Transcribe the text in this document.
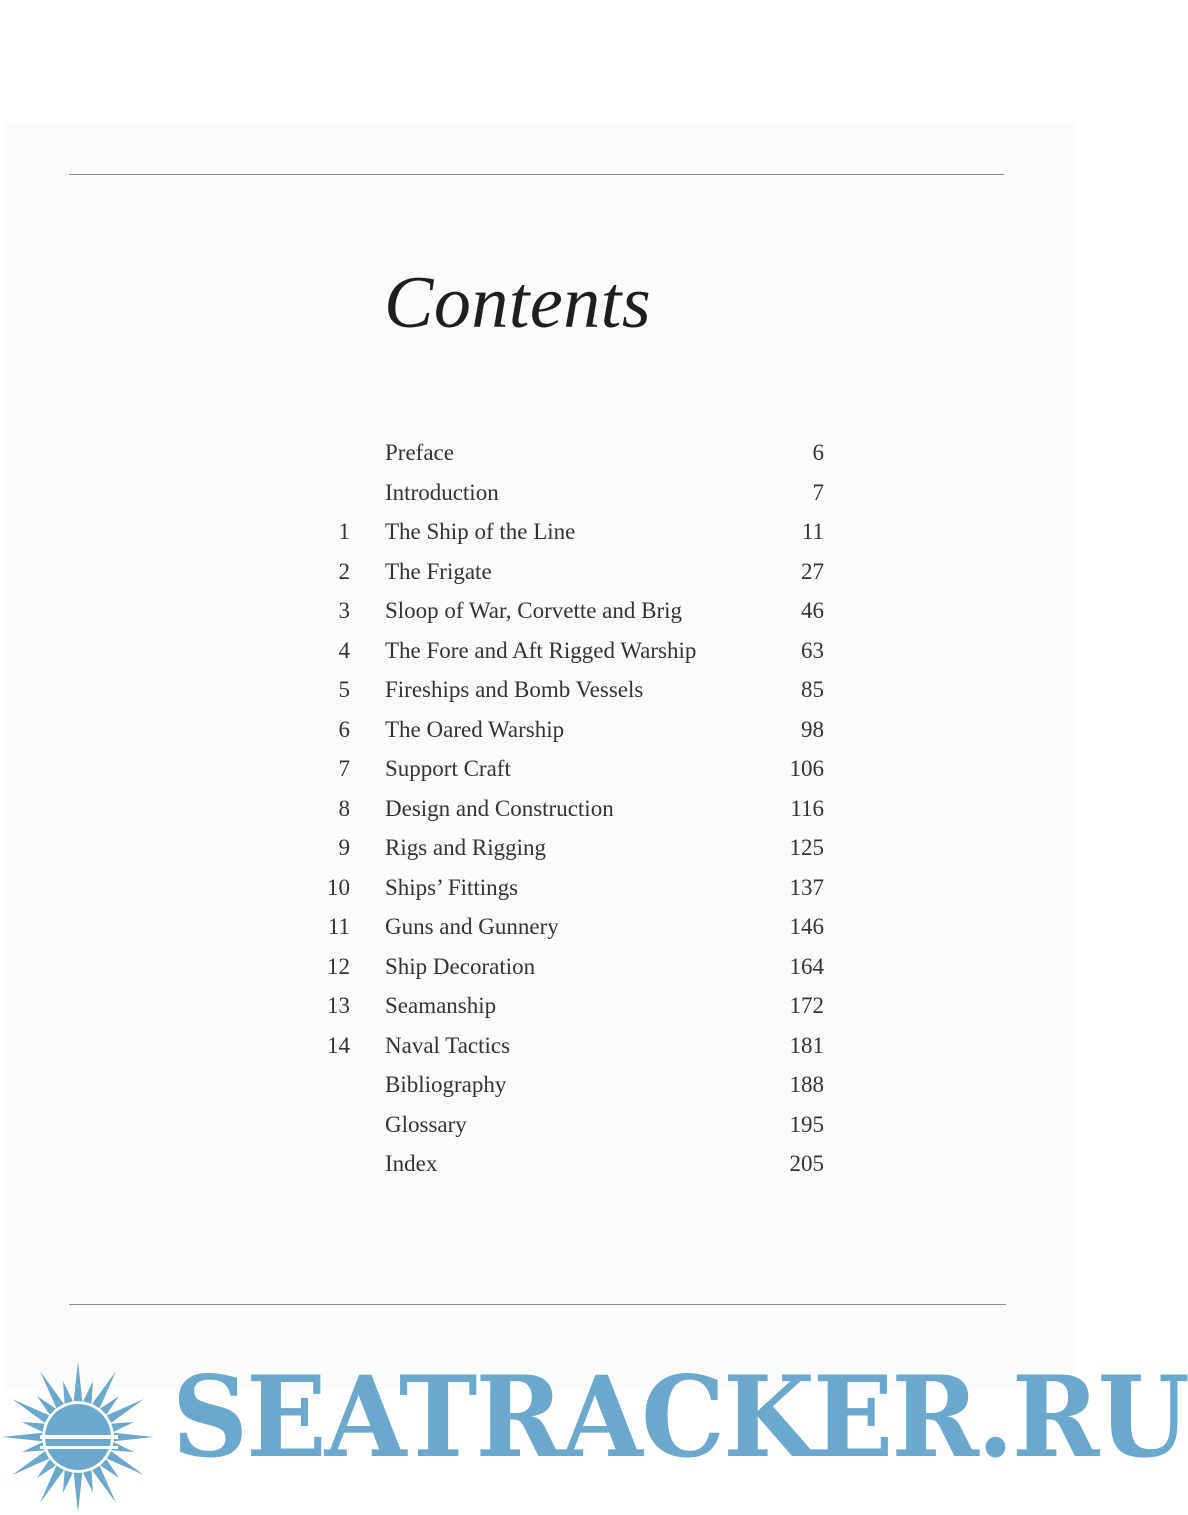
Contents
Preface	6
Introduction	7
1 The Ship of the Line	11
2 The Frigate	27
3 Sloop of War, Corvette and Brig	46
4 The Fore and Aft Rigged Warship	63
5 Fireships and Bomb Vessels	85
6 The Oared Warship	98
7 Support Craft	106
8 Design and Construction	116
9 Rigs and Rigging	125
10 Ships’ Fittings	137
11 Guns and Gunnery	146
12 Ship Decoration	164
13 Seamanship	172
14 Naval Tactics	181
Bibliography	188
Glossary	195
Index	205
SEATRACKER.RU
